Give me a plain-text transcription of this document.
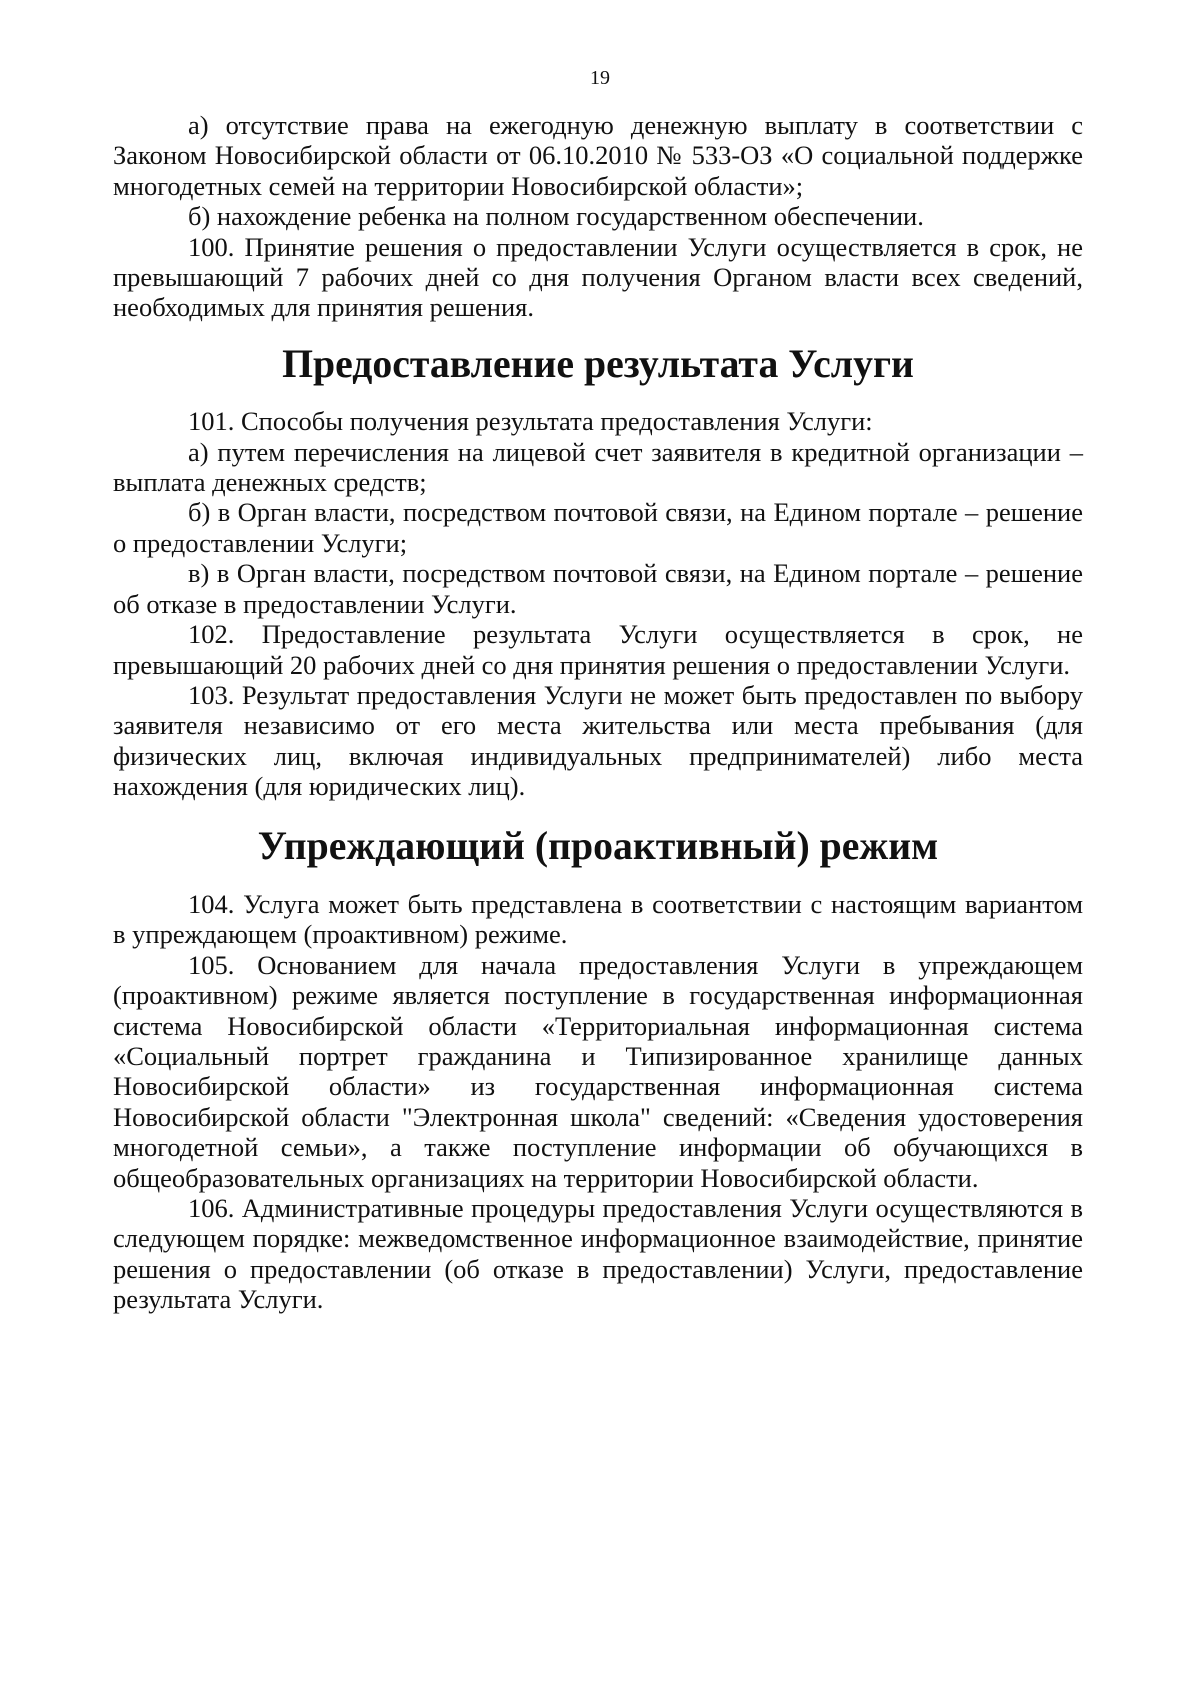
19

а) отсутствие права на ежегодную денежную выплату в соответствии с Законом Новосибирской области от 06.10.2010 № 533-ОЗ «О социальной поддержке многодетных семей на территории Новосибирской области»;

б) нахождение ребенка на полном государственном обеспечении.

100. Принятие решения о предоставлении Услуги осуществляется в срок, не превышающий 7 рабочих дней со дня получения Органом власти всех сведений, необходимых для принятия решения.

Предоставление результата Услуги

101. Способы получения результата предоставления Услуги:

а) путем перечисления на лицевой счет заявителя в кредитной организации – выплата денежных средств;

б) в Орган власти, посредством почтовой связи, на Едином портале – решение о предоставлении Услуги;

в) в Орган власти, посредством почтовой связи, на Едином портале – решение об отказе в предоставлении Услуги.

102. Предоставление результата Услуги осуществляется в срок, не превышающий 20 рабочих дней со дня принятия решения о предоставлении Услуги.

103. Результат предоставления Услуги не может быть предоставлен по выбору заявителя независимо от его места жительства или места пребывания (для физических лиц, включая индивидуальных предпринимателей) либо места нахождения (для юридических лиц).

Упреждающий (проактивный) режим

104. Услуга может быть представлена в соответствии с настоящим вариантом в упреждающем (проактивном) режиме.

105. Основанием для начала предоставления Услуги в упреждающем (проактивном) режиме является поступление в государственная информационная система Новосибирской области «Территориальная информационная система «Социальный портрет гражданина и Типизированное хранилище данных Новосибирской области» из государственная информационная система Новосибирской области "Электронная школа" сведений: «Сведения удостоверения многодетной семьи», а также поступление информации об обучающихся в общеобразовательных организациях на территории Новосибирской области.

106. Административные процедуры предоставления Услуги осуществляются в следующем порядке: межведомственное информационное взаимодействие, принятие решения о предоставлении (об отказе в предоставлении) Услуги, предоставление результата Услуги.
